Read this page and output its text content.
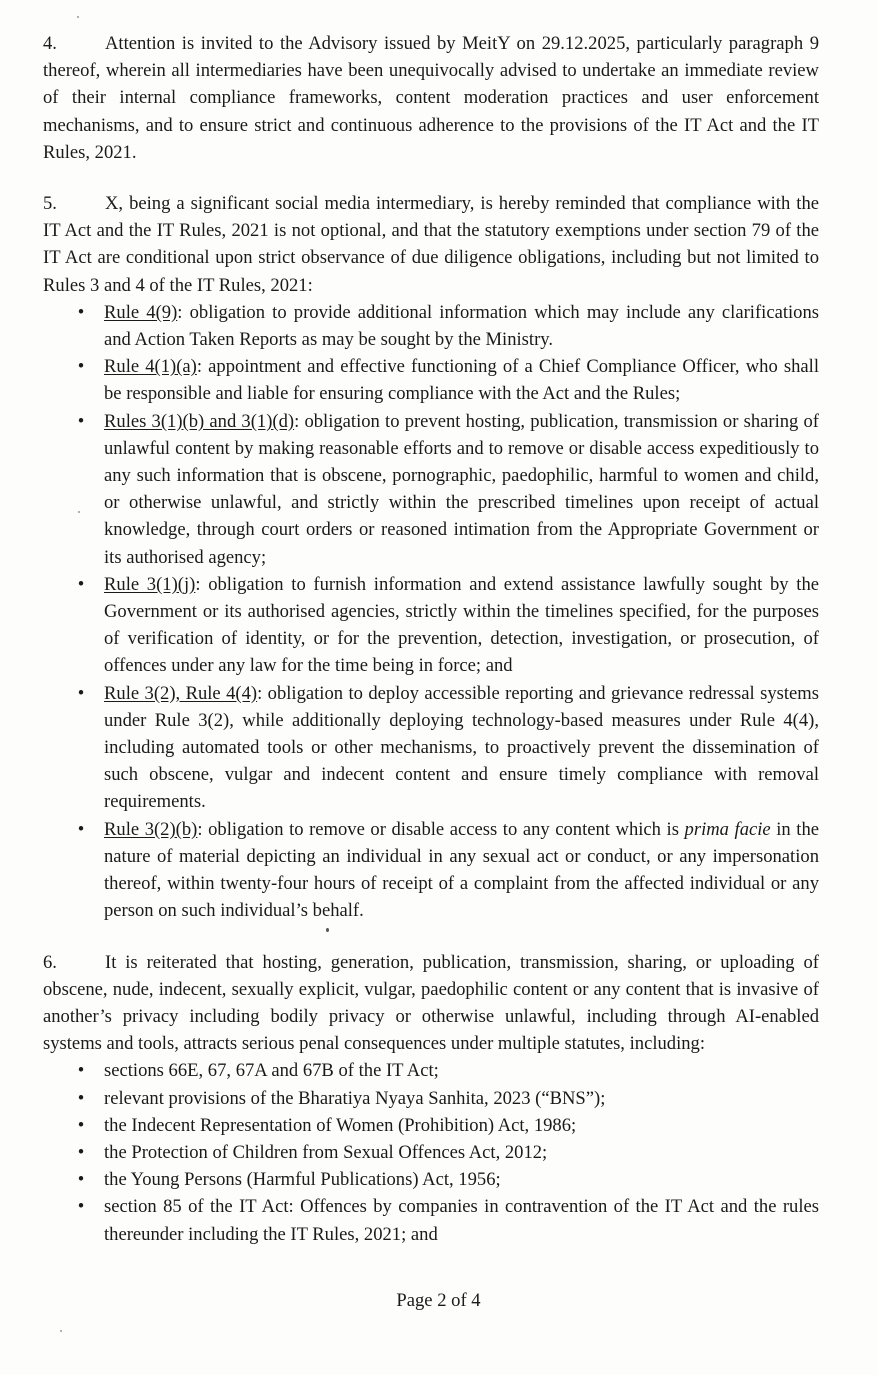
4.	Attention is invited to the Advisory issued by MeitY on 29.12.2025, particularly paragraph 9 thereof, wherein all intermediaries have been unequivocally advised to undertake an immediate review of their internal compliance frameworks, content moderation practices and user enforcement mechanisms, and to ensure strict and continuous adherence to the provisions of the IT Act and the IT Rules, 2021.

5.	X, being a significant social media intermediary, is hereby reminded that compliance with the IT Act and the IT Rules, 2021 is not optional, and that the statutory exemptions under section 79 of the IT Act are conditional upon strict observance of due diligence obligations, including but not limited to Rules 3 and 4 of the IT Rules, 2021:

• Rule 4(9): obligation to provide additional information which may include any clarifications and Action Taken Reports as may be sought by the Ministry.
• Rule 4(1)(a): appointment and effective functioning of a Chief Compliance Officer, who shall be responsible and liable for ensuring compliance with the Act and the Rules;
• Rules 3(1)(b) and 3(1)(d): obligation to prevent hosting, publication, transmission or sharing of unlawful content by making reasonable efforts and to remove or disable access expeditiously to any such information that is obscene, pornographic, paedophilic, harmful to women and child, or otherwise unlawful, and strictly within the prescribed timelines upon receipt of actual knowledge, through court orders or reasoned intimation from the Appropriate Government or its authorised agency;
• Rule 3(1)(j): obligation to furnish information and extend assistance lawfully sought by the Government or its authorised agencies, strictly within the timelines specified, for the purposes of verification of identity, or for the prevention, detection, investigation, or prosecution, of offences under any law for the time being in force; and
• Rule 3(2), Rule 4(4): obligation to deploy accessible reporting and grievance redressal systems under Rule 3(2), while additionally deploying technology-based measures under Rule 4(4), including automated tools or other mechanisms, to proactively prevent the dissemination of such obscene, vulgar and indecent content and ensure timely compliance with removal requirements.
• Rule 3(2)(b): obligation to remove or disable access to any content which is prima facie in the nature of material depicting an individual in any sexual act or conduct, or any impersonation thereof, within twenty-four hours of receipt of a complaint from the affected individual or any person on such individual’s behalf.

6.	It is reiterated that hosting, generation, publication, transmission, sharing, or uploading of obscene, nude, indecent, sexually explicit, vulgar, paedophilic content or any content that is invasive of another’s privacy including bodily privacy or otherwise unlawful, including through AI-enabled systems and tools, attracts serious penal consequences under multiple statutes, including:

• sections 66E, 67, 67A and 67B of the IT Act;
• relevant provisions of the Bharatiya Nyaya Sanhita, 2023 (“BNS”);
• the Indecent Representation of Women (Prohibition) Act, 1986;
• the Protection of Children from Sexual Offences Act, 2012;
• the Young Persons (Harmful Publications) Act, 1956;
• section 85 of the IT Act: Offences by companies in contravention of the IT Act and the rules thereunder including the IT Rules, 2021; and
Page 2 of 4
